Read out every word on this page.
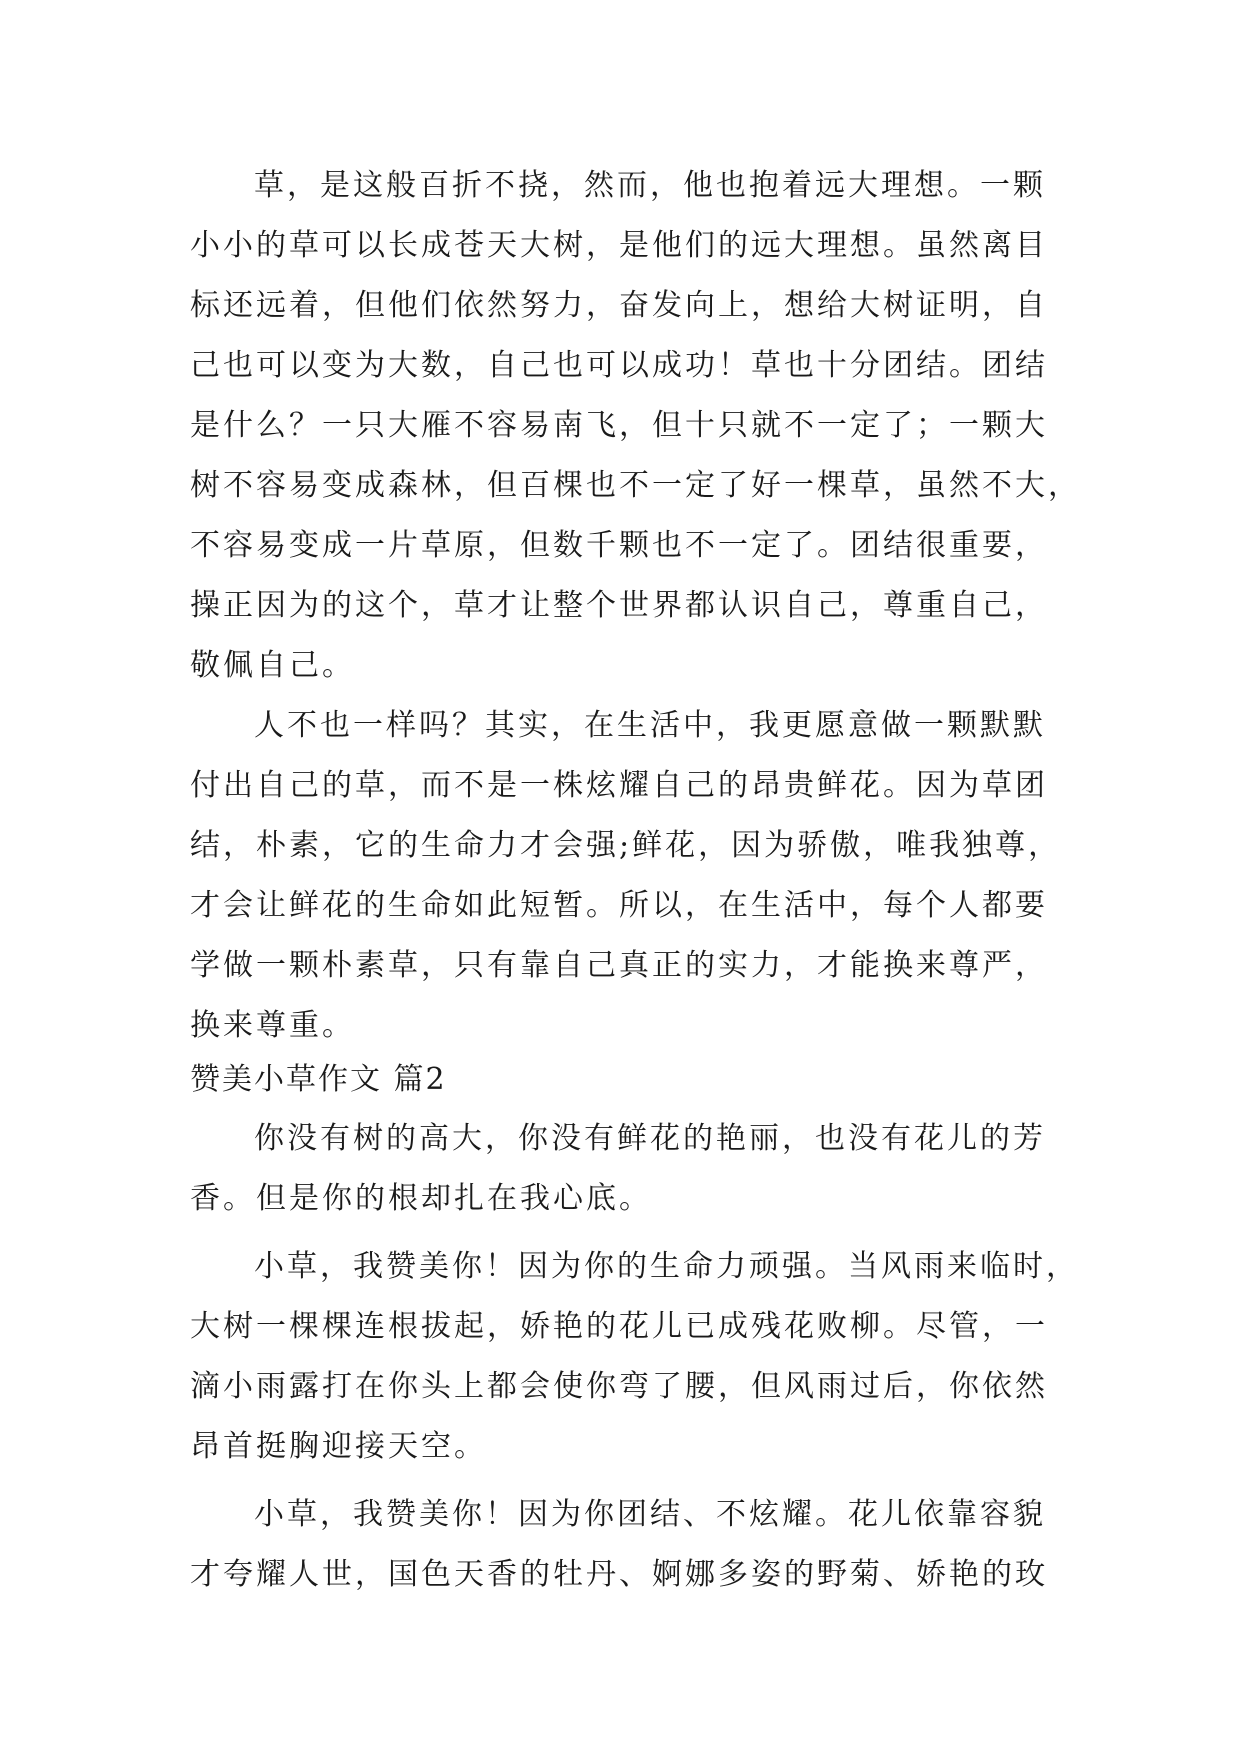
草，是这般百折不挠，然而，他也抱着远大理想。一颗
小小的草可以长成苍天大树，是他们的远大理想。虽然离目
标还远着，但他们依然努力，奋发向上，想给大树证明，自
己也可以变为大数，自己也可以成功！草也十分团结。团结
是什么？一只大雁不容易南飞，但十只就不一定了；一颗大
树不容易变成森林，但百棵也不一定了好一棵草，虽然不大，
不容易变成一片草原，但数千颗也不一定了。团结很重要，
操正因为的这个，草才让整个世界都认识自己，尊重自己，
敬佩自己。
人不也一样吗？其实，在生活中，我更愿意做一颗默默
付出自己的草，而不是一株炫耀自己的昂贵鲜花。因为草团
结，朴素，它的生命力才会强;鲜花，因为骄傲，唯我独尊，
才会让鲜花的生命如此短暂。所以，在生活中，每个人都要
学做一颗朴素草，只有靠自己真正的实力，才能换来尊严，
换来尊重。
赞美小草作文 篇2
你没有树的高大，你没有鲜花的艳丽，也没有花儿的芳
香。但是你的根却扎在我心底。
小草，我赞美你！因为你的生命力顽强。当风雨来临时，
大树一棵棵连根拔起，娇艳的花儿已成残花败柳。尽管，一
滴小雨露打在你头上都会使你弯了腰，但风雨过后，你依然
昂首挺胸迎接天空。
小草，我赞美你！因为你团结、不炫耀。花儿依靠容貌
才夸耀人世，国色天香的牡丹、婀娜多姿的野菊、娇艳的玫
